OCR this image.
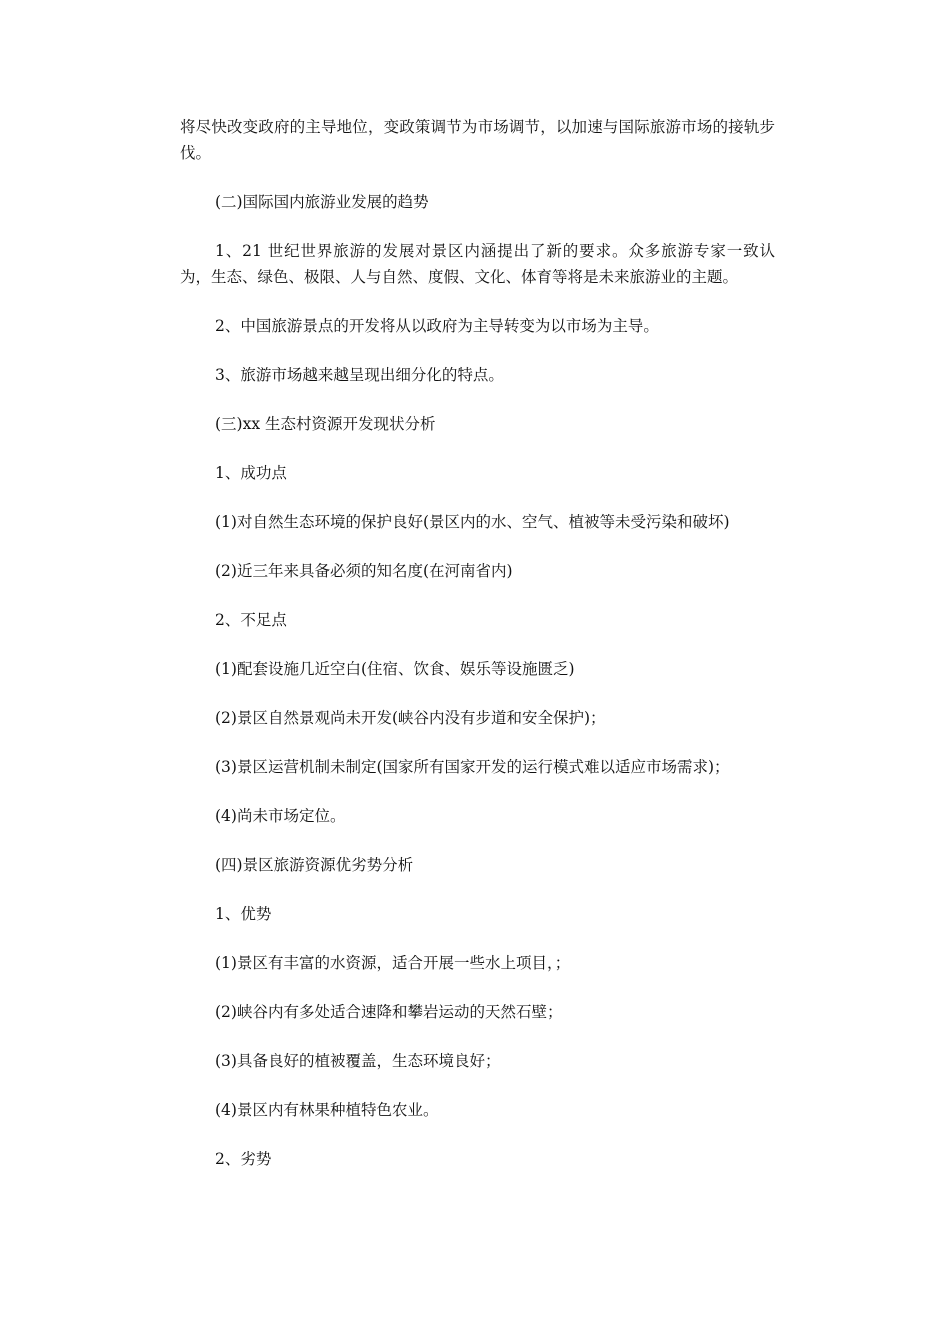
将尽快改变政府的主导地位，变政策调节为市场调节，以加速与国际旅游市场的接轨步伐。

(二)国际国内旅游业发展的趋势

1、21 世纪世界旅游的发展对景区内涵提出了新的要求。众多旅游专家一致认为，生态、绿色、极限、人与自然、度假、文化、体育等将是未来旅游业的主题。

2、中国旅游景点的开发将从以政府为主导转变为以市场为主导。

3、旅游市场越来越呈现出细分化的特点。

(三)xx 生态村资源开发现状分析

1、成功点

(1)对自然生态环境的保护良好(景区内的水、空气、植被等未受污染和破坏)

(2)近三年来具备必须的知名度(在河南省内)

2、不足点

(1)配套设施几近空白(住宿、饮食、娱乐等设施匮乏)

(2)景区自然景观尚未开发(峡谷内没有步道和安全保护)；

(3)景区运营机制未制定(国家所有国家开发的运行模式难以适应市场需求)；

(4)尚未市场定位。

(四)景区旅游资源优劣势分析

1、优势

(1)景区有丰富的水资源，适合开展一些水上项目，；

(2)峡谷内有多处适合速降和攀岩运动的天然石壁；

(3)具备良好的植被覆盖，生态环境良好；

(4)景区内有林果种植特色农业。

2、劣势
